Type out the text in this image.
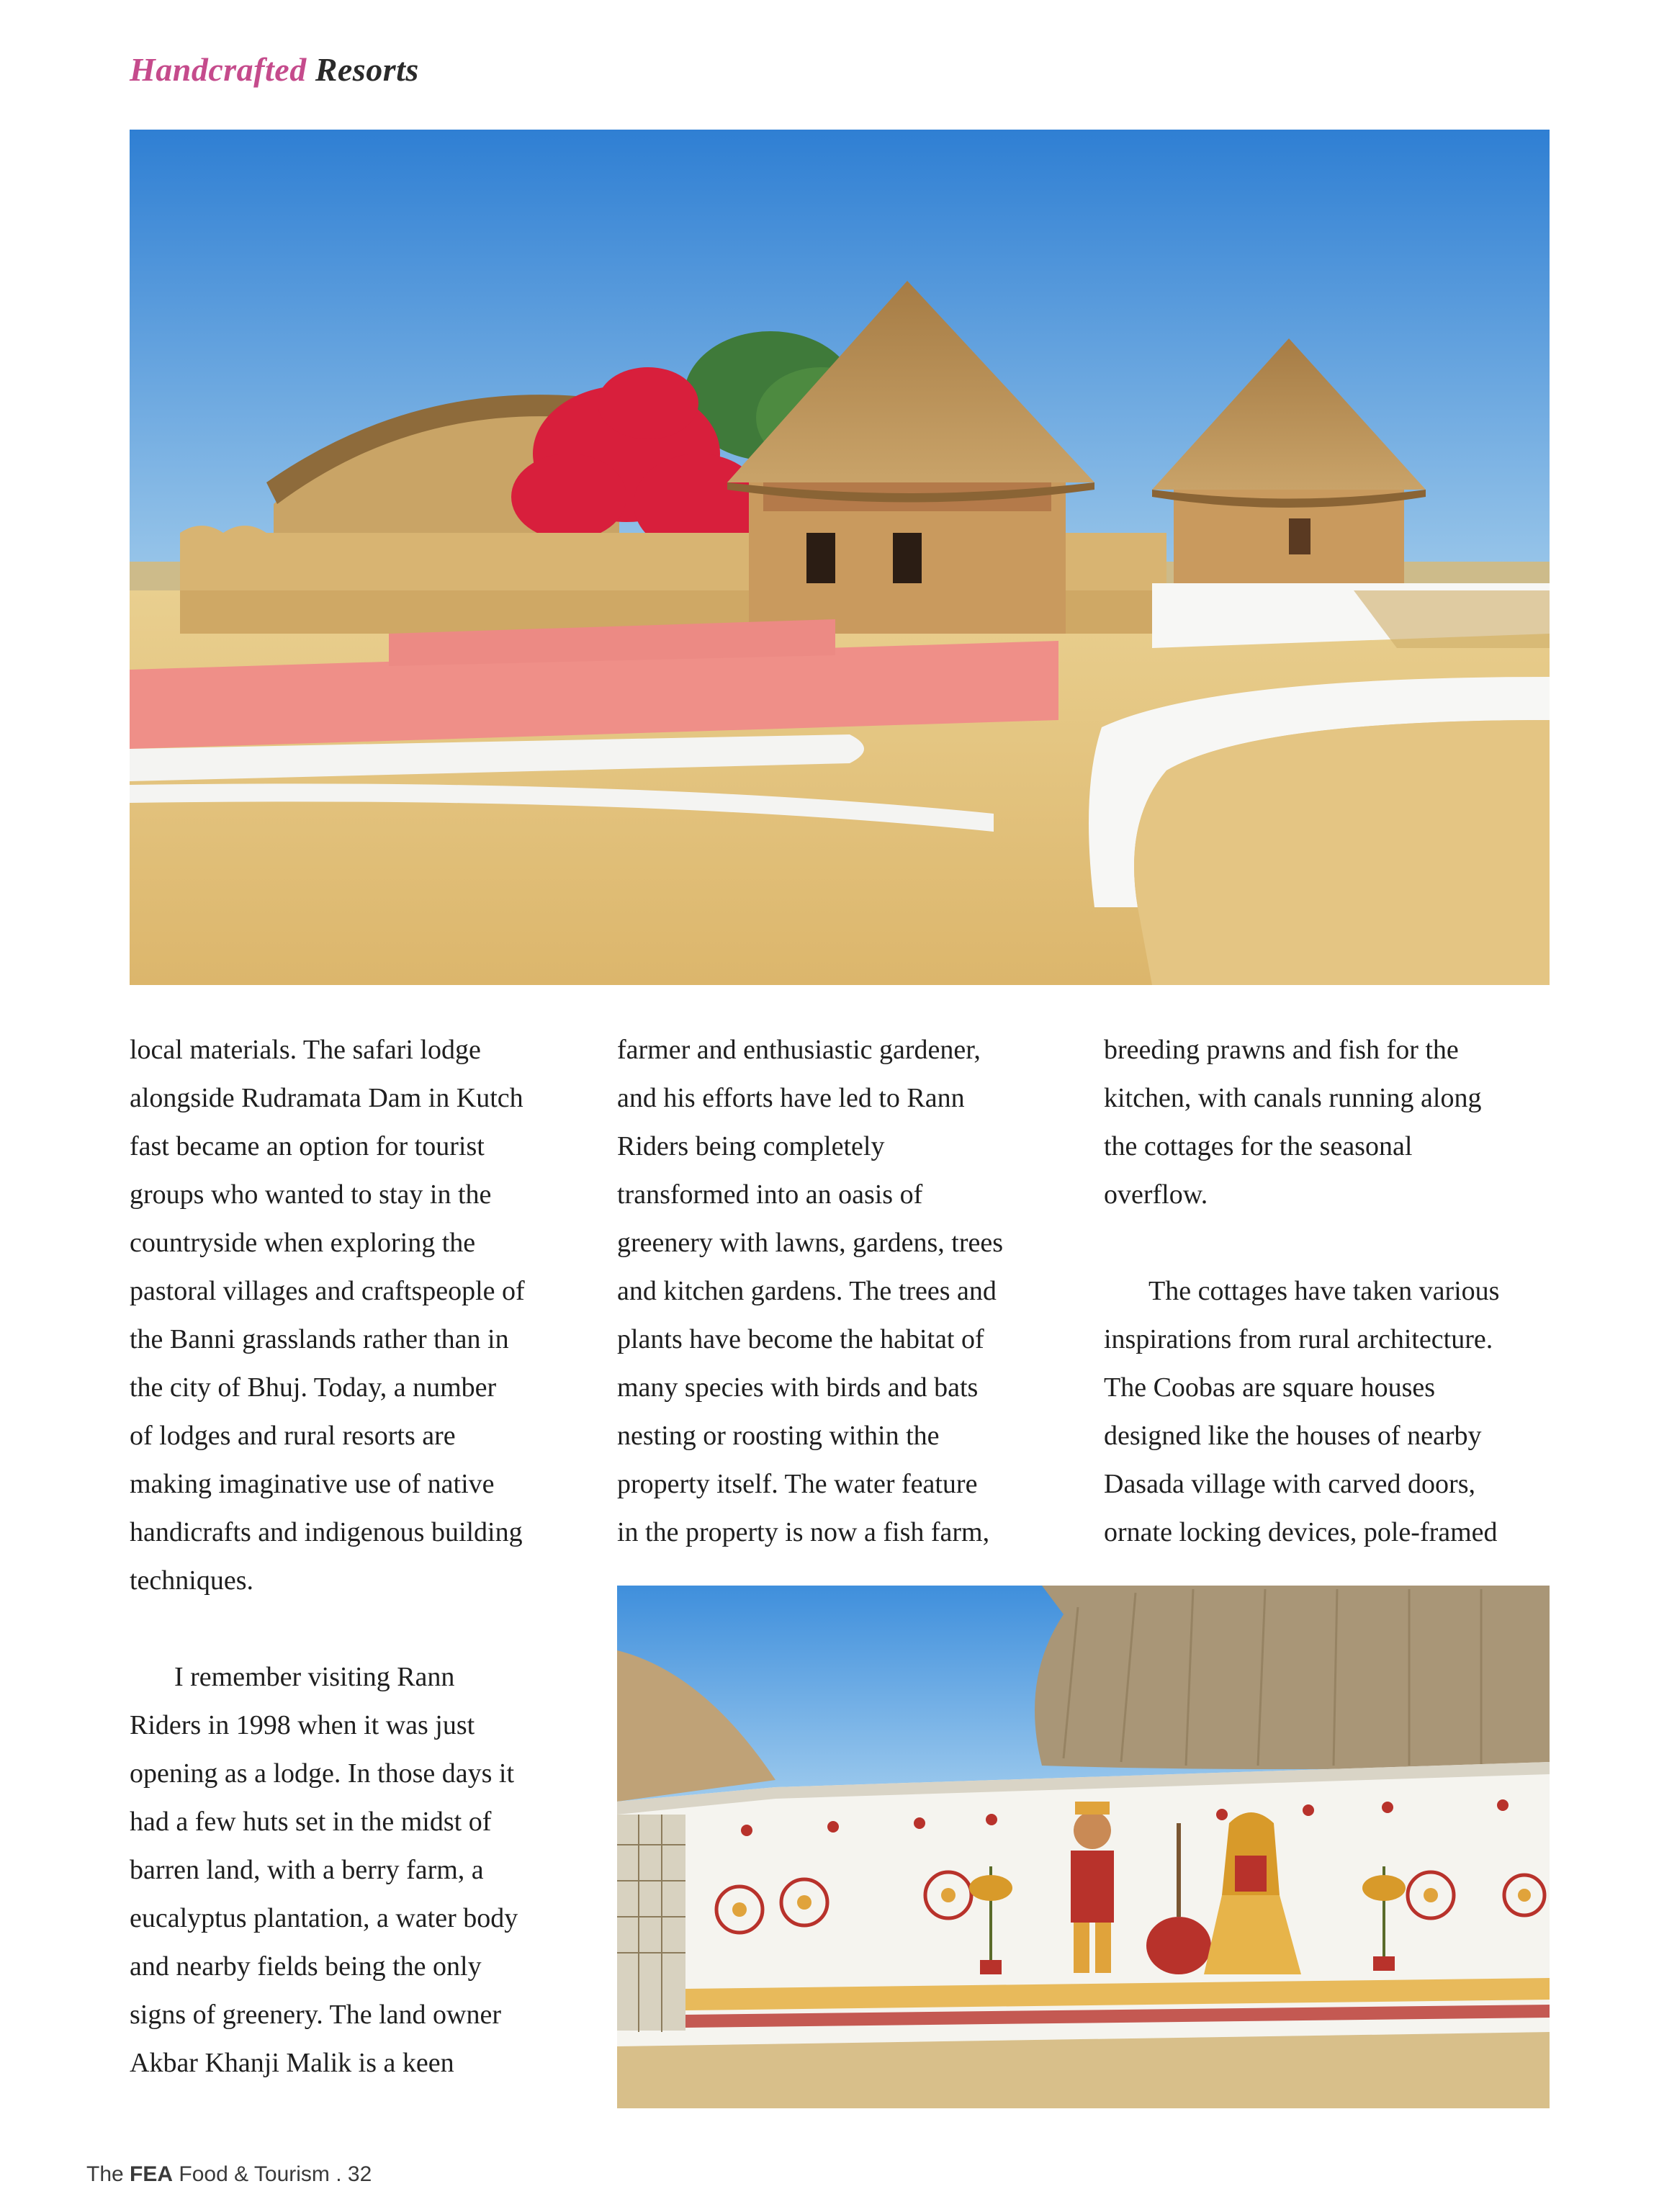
Handcrafted Resorts

local materials. The safari lodge
alongside Rudramata Dam in Kutch
fast became an option for tourist
groups who wanted to stay in the
countryside when exploring the
pastoral villages and craftspeople of
the Banni grasslands rather than in
the city of Bhuj. Today, a number
of lodges and rural resorts are
making imaginative use of native
handicrafts and indigenous building
techniques.

I remember visiting Rann
Riders in 1998 when it was just
opening as a lodge. In those days it
had a few huts set in the midst of
barren land, with a berry farm, a
eucalyptus plantation, a water body
and nearby fields being the only
signs of greenery. The land owner
Akbar Khanji Malik is a keen

farmer and enthusiastic gardener,
and his efforts have led to Rann
Riders being completely
transformed into an oasis of
greenery with lawns, gardens, trees
and kitchen gardens. The trees and
plants have become the habitat of
many species with birds and bats
nesting or roosting within the
property itself. The water feature
in the property is now a fish farm,

breeding prawns and fish for the
kitchen, with canals running along
the cottages for the seasonal
overflow.

The cottages have taken various
inspirations from rural architecture.
The Coobas are square houses
designed like the houses of nearby
Dasada village with carved doors,
ornate locking devices, pole-framed

The FEA Food & Tourism . 32
